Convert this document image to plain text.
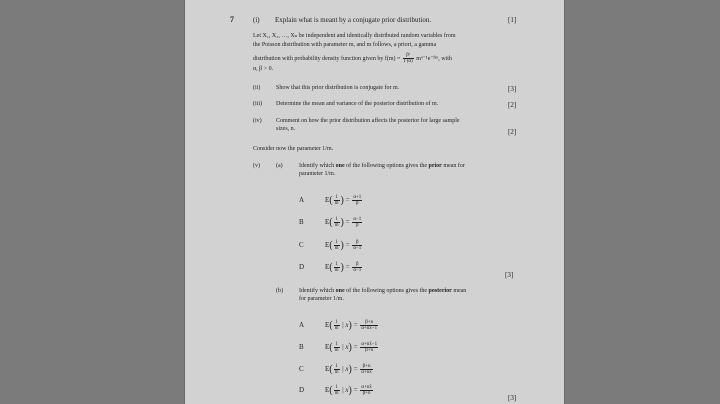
7	(i) Explain what is meant by a conjugate prior distribution.	[1]
Let X₁, X₂, …, Xₙ be independent and identically distributed random variables from
the Poisson distribution with parameter m, and m follows, a priori, a gamma
distribution with probability density function given by $f(m) = \frac{\text{βᵅ}}{\Gamma(\alpha)}$ mᵅ⁻¹e⁻ᵝᵐ, with
α, β > 0.
(ii)	Show that this prior distribution is conjugate for m.	[3]
(iii) Determine the mean and variance of the posterior distribution of m.	[2]
(iv) Comment on how the prior distribution affects the posterior for large sample
sizes, n.	[2]
Consider now the parameter 1/m.
(v)	(a)	Identify which one of the following options gives the prior mean for
parameter 1/m.
A	$E( \frac{1}{m}$ ) = $\frac{\alpha+1}{\beta}$
B	$E( \frac{1}{m}$ ) = $\frac{\alpha-1}{\beta}$
C	$E( \frac{1}{m}$ ) = $\frac{\beta}{\alpha-1}$
D	$E( \frac{1}{m}$ ) = $\frac{\beta}{\alpha-1}$
[3]
(b)	Identify which one of the following options gives the posterior mean
for parameter 1/m.
A	$E( \frac{1}{m}$ | $x) = \frac{\beta+n}{\alpha+nx̄-1}$
B	$E( \frac{1}{m}$ | $x) = \frac{\alpha+nx̄-1}{\beta+n}$
C	$E( \frac{1}{m}$ | $x) = \frac{\beta+n}{\alpha+nx̄}$
D	$E( \frac{1}{m}$ | $x) = \frac{\alpha+nx̄}{\beta+n}$
[3]
